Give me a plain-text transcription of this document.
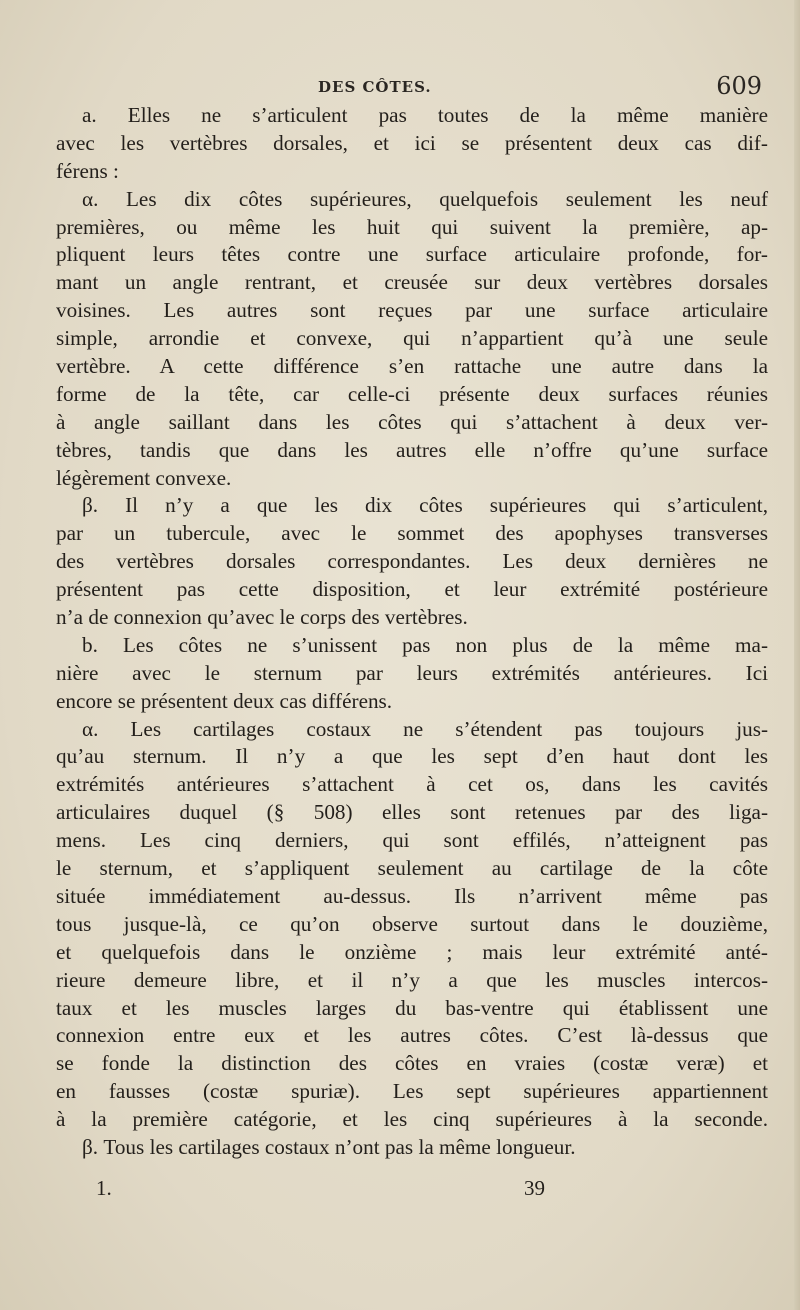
DES CÔTES.	609
a. Elles ne s’articulent pas toutes de la même manière
avec les vertèbres dorsales, et ici se présentent deux cas dif-
férens :
α. Les dix côtes supérieures, quelquefois seulement les neuf
premières, ou même les huit qui suivent la première, ap-
pliquent leurs têtes contre une surface articulaire profonde, for-
mant un angle rentrant, et creusée sur deux vertèbres dorsales
voisines. Les autres sont reçues par une surface articulaire
simple, arrondie et convexe, qui n’appartient qu’à une seule
vertèbre. A cette différence s’en rattache une autre dans la
forme de la tête, car celle-ci présente deux surfaces réunies
à angle saillant dans les côtes qui s’attachent à deux ver-
tèbres, tandis que dans les autres elle n’offre qu’une surface
légèrement convexe.
β. Il n’y a que les dix côtes supérieures qui s’articulent,
par un tubercule, avec le sommet des apophyses transverses
des vertèbres dorsales correspondantes. Les deux dernières ne
présentent pas cette disposition, et leur extrémité postérieure
n’a de connexion qu’avec le corps des vertèbres.
b. Les côtes ne s’unissent pas non plus de la même ma-
nière avec le sternum par leurs extrémités antérieures. Ici
encore se présentent deux cas différens.
α. Les cartilages costaux ne s’étendent pas toujours jus-
qu’au sternum. Il n’y a que les sept d’en haut dont les
extrémités antérieures s’attachent à cet os, dans les cavités
articulaires duquel (§ 508) elles sont retenues par des liga-
mens. Les cinq derniers, qui sont effilés, n’atteignent pas
le sternum, et s’appliquent seulement au cartilage de la côte
située immédiatement au-dessus. Ils n’arrivent même pas
tous jusque-là, ce qu’on observe surtout dans le douzième,
et quelquefois dans le onzième ; mais leur extrémité anté-
rieure demeure libre, et il n’y a que les muscles intercos-
taux et les muscles larges du bas-ventre qui établissent une
connexion entre eux et les autres côtes. C’est là-dessus que
se fonde la distinction des côtes en vraies (costæ veræ) et
en fausses (costæ spuriæ). Les sept supérieures appartiennent
à la première catégorie, et les cinq supérieures à la seconde.
β. Tous les cartilages costaux n’ont pas la même longueur.
1.	39
